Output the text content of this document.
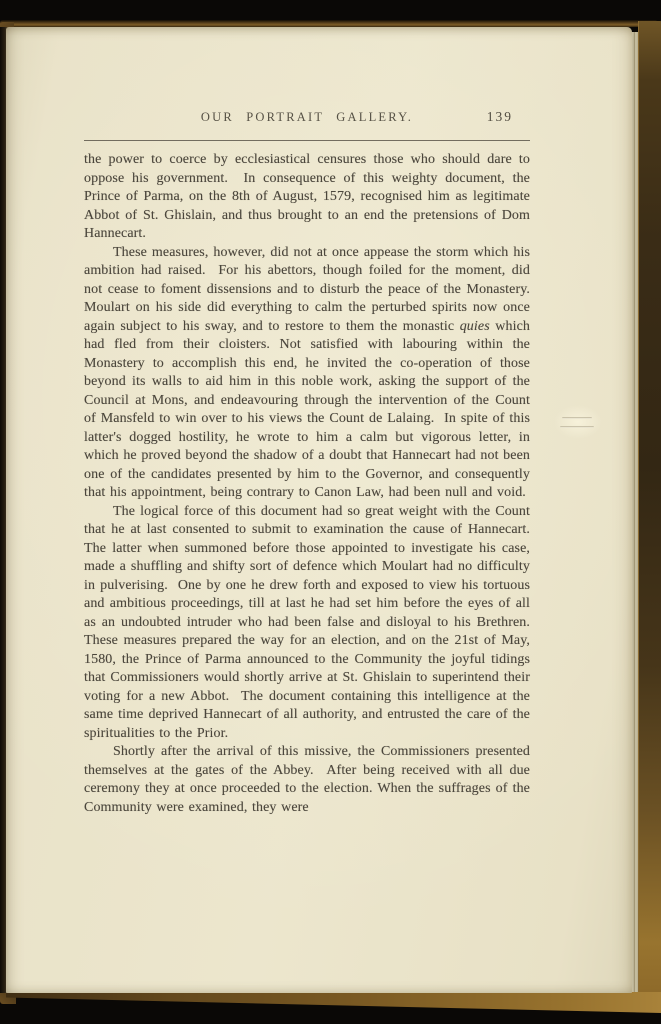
OUR PORTRAIT GALLERY.	139

the power to coerce by ecclesiastical censures those who should dare to oppose his government.  In consequence of this weighty document, the Prince of Parma, on the 8th of August, 1579, recognised him as legitimate Abbot of St. Ghislain, and thus brought to an end the pretensions of Dom Hannecart.

These measures, however, did not at once appease the storm which his ambition had raised.  For his abettors, though foiled for the moment, did not cease to foment dissensions and to disturb the peace of the Monastery.  Moulart on his side did everything to calm the perturbed spirits now once again subject to his sway, and to restore to them the monastic quies which had fled from their cloisters. Not satisfied with labouring within the Monastery to accomplish this end, he invited the co-operation of those beyond its walls to aid him in this noble work, asking the support of the Council at Mons, and endeavouring through the intervention of the Count of Mansfeld to win over to his views the Count de Lalaing.  In spite of this latter's dogged hostility, he wrote to him a calm but vigorous letter, in which he proved beyond the shadow of a doubt that Hannecart had not been one of the candidates presented by him to the Governor, and consequently that his appointment, being contrary to Canon Law, had been null and void.

The logical force of this document had so great weight with the Count that he at last consented to submit to examination the cause of Hannecart.  The latter when summoned before those appointed to investigate his case, made a shuffling and shifty sort of defence which Moulart had no difficulty in pulverising.  One by one he drew forth and exposed to view his tortuous and ambitious proceedings, till at last he had set him before the eyes of all as an undoubted intruder who had been false and disloyal to his Brethren. These measures prepared the way for an election, and on the 21st of May, 1580, the Prince of Parma announced to the Community the joyful tidings that Commissioners would shortly arrive at St. Ghislain to superintend their voting for a new Abbot.  The document containing this intelligence at the same time deprived Hannecart of all authority, and entrusted the care of the spiritualities to the Prior.

Shortly after the arrival of this missive, the Commissioners presented themselves at the gates of the Abbey.  After being received with all due ceremony they at once proceeded to the election. When the suffrages of the Community were examined, they were
